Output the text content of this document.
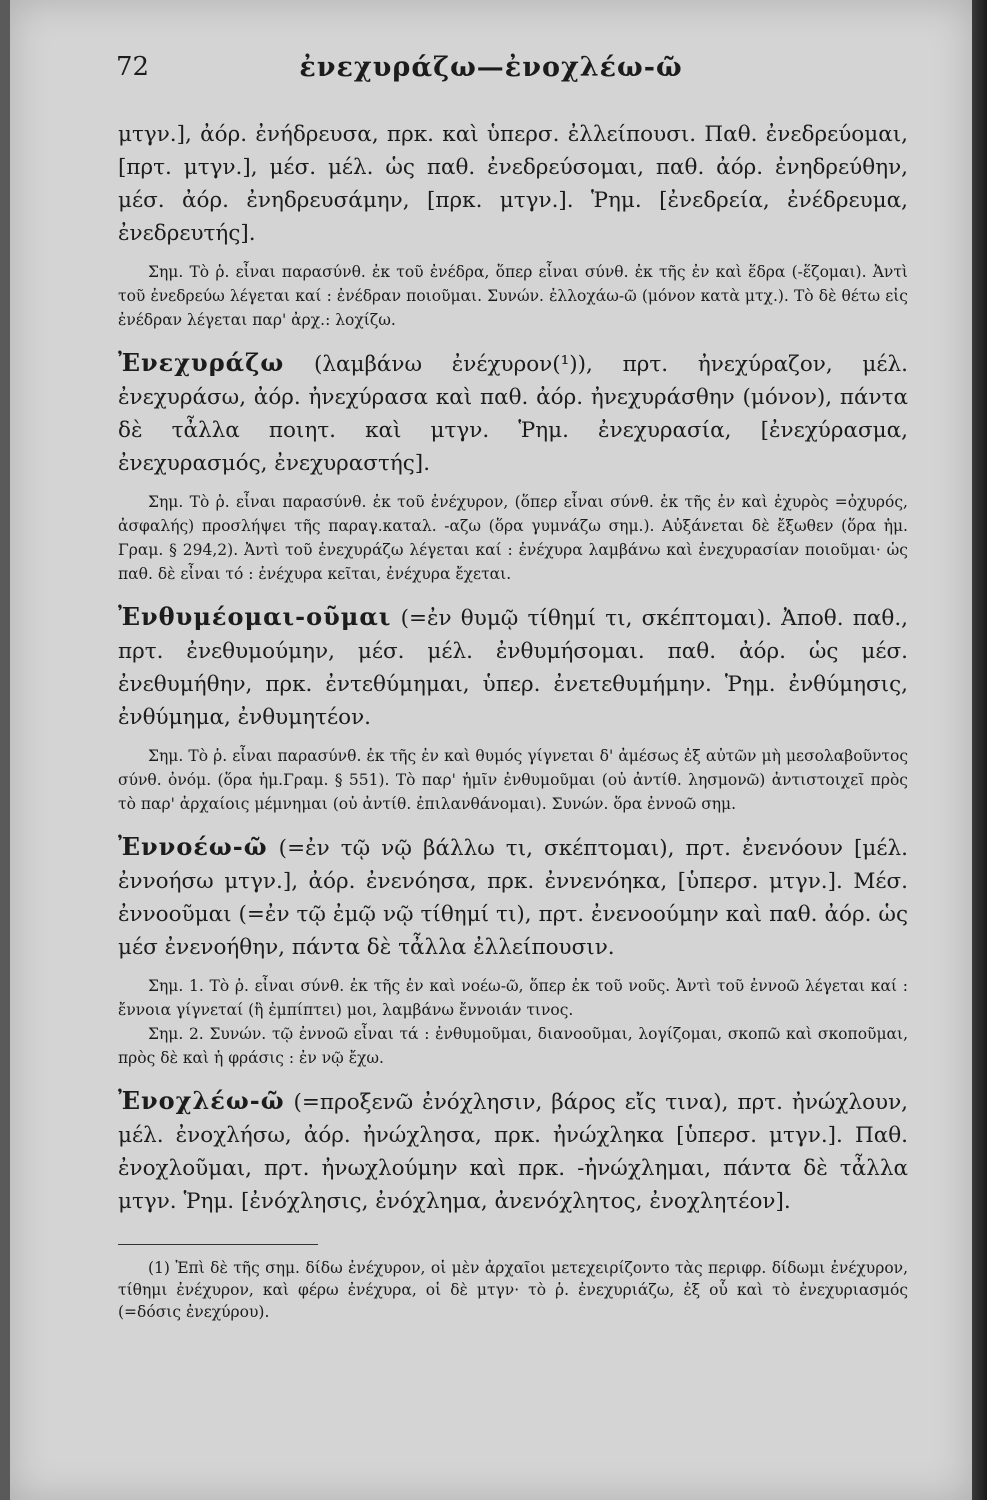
72	ἐνεχυράζω—ἐνοχλέω-ῶ

μτγν.], ἀόρ. ἐνήδρευσα, πρκ. καὶ ὑπερσ. ἐλλείπουσι. Παθ. ἐνεδρεύομαι, [πρτ. μτγν.], μέσ. μέλ. ὡς παθ. ἐνεδρεύσομαι, παθ. ἀόρ. ἐνηδρεύθην, μέσ. ἀόρ. ἐνηδρευσάμην, [πρκ. μτγν.]. Ῥημ. [ἐνεδρεία, ἐνέδρευμα, ἐνεδρευτής].

Σημ. Τὸ ῥ. εἶναι παρασύνθ. ἐκ τοῦ ἐνέδρα, ὅπερ εἶναι σύνθ. ἐκ τῆς ἐν καὶ ἕδρα (-ἕζομαι). Ἀντὶ τοῦ ἐνεδρεύω λέγεται καί : ἐνέδραν ποιοῦμαι. Συνών. ἐλλοχάω-ῶ (μόνον κατὰ μτχ.). Τὸ δὲ θέτω εἰς ἐνέδραν λέγεται παρ' ἀρχ.: λοχίζω.

Ἐνεχυράζω (λαμβάνω ἐνέχυρον(¹)), πρτ. ἠνεχύραζον, μέλ. ἐνεχυράσω, ἀόρ. ἠνεχύρασα καὶ παθ. ἀόρ. ἠνεχυράσθην (μόνον), πάντα δὲ τἆλλα ποιητ. καὶ μτγν. Ῥημ. ἐνεχυρασία, [ἐνεχύρασμα, ἐνεχυρασμός, ἐνεχυραστής].

Σημ. Τὸ ῥ. εἶναι παρασύνθ. ἐκ τοῦ ἐνέχυρον, (ὅπερ εἶναι σύνθ. ἐκ τῆς ἐν καὶ ἐχυρὸς =ὀχυρός, ἀσφαλής) προσλήψει τῆς παραγ.καταλ. -αζω (ὅρα γυμνάζω σημ.). Αὐξάνεται δὲ ἔξωθεν (ὅρα ἡμ. Γραμ. § 294,2). Ἀντὶ τοῦ ἐνεχυράζω λέγεται καί : ἐνέχυρα λαμβάνω καὶ ἐνεχυρασίαν ποιοῦμαι· ὡς παθ. δὲ εἶναι τό : ἐνέχυρα κεῖται, ἐνέχυρα ἔχεται.

Ἐνθυμέομαι-οῦμαι (=ἐν θυμῷ τίθημί τι, σκέπτομαι). Ἀποθ. παθ., πρτ. ἐνεθυμούμην, μέσ. μέλ. ἐνθυμήσομαι. παθ. ἀόρ. ὡς μέσ. ἐνεθυμήθην, πρκ. ἐντεθύμημαι, ὑπερ. ἐνετεθυμήμην. Ῥημ. ἐνθύμησις, ἐνθύμημα, ἐνθυμητέον.

Σημ. Τὸ ῥ. εἶναι παρασύνθ. ἐκ τῆς ἐν καὶ θυμός γίγνεται δ' ἀμέσως ἐξ αὐτῶν μὴ μεσολαβοῦντος σύνθ. ὀνόμ. (ὅρα ἡμ.Γραμ. § 551). Τὸ παρ' ἡμῖν ἐνθυμοῦμαι (οὐ ἀντίθ. λησμονῶ) ἀντιστοιχεῖ πρὸς τὸ παρ' ἀρχαίοις μέμνημαι (οὐ ἀντίθ. ἐπιλανθάνομαι). Συνών. ὅρα ἐννοῶ σημ.

Ἐννοέω-ῶ (=ἐν τῷ νῷ βάλλω τι, σκέπτομαι), πρτ. ἐνενόουν [μέλ. ἐννοήσω μτγν.], ἀόρ. ἐνενόησα, πρκ. ἐννενόηκα, [ὑπερσ. μτγν.]. Μέσ. ἐννοοῦμαι (=ἐν τῷ ἐμῷ νῷ τίθημί τι), πρτ. ἐνενοούμην καὶ παθ. ἀόρ. ὡς μέσ ἐνενοήθην, πάντα δὲ τἆλλα ἐλλείπουσιν.

Σημ. 1. Τὸ ῥ. εἶναι σύνθ. ἐκ τῆς ἐν καὶ νοέω-ῶ, ὅπερ ἐκ τοῦ νοῦς. Ἀντὶ τοῦ ἐννοῶ λέγεται καί : ἔννοια γίγνεταί (ἢ ἐμπίπτει) μοι, λαμβάνω ἔννοιάν τινος.

Σημ. 2. Συνών. τῷ ἐννοῶ εἶναι τά : ἐνθυμοῦμαι, διανοοῦμαι, λογίζομαι, σκοπῶ καὶ σκοποῦμαι, πρὸς δὲ καὶ ἡ φράσις : ἐν νῷ ἔχω.

Ἐνοχλέω-ῶ (=προξενῶ ἐνόχλησιν, βάρος εἴς τινα), πρτ. ἠνώχλουν, μέλ. ἐνοχλήσω, ἀόρ. ἠνώχλησα, πρκ. ἠνώχληκα [ὑπερσ. μτγν.]. Παθ. ἐνοχλοῦμαι, πρτ. ἠνωχλούμην καὶ πρκ. -ἠνώχλημαι, πάντα δὲ τἆλλα μτγν. Ῥημ. [ἐνόχλησις, ἐνόχλημα, ἀνενόχλητος, ἐνοχλητέον].

(1) Ἐπὶ δὲ τῆς σημ. δίδω ἐνέχυρον, οἱ μὲν ἀρχαῖοι μετεχειρίζοντο τὰς περιφρ. δίδωμι ἐνέχυρον, τίθημι ἐνέχυρον, καὶ φέρω ἐνέχυρα, οἱ δὲ μτγν· τὸ ῥ. ἐνεχυριάζω, ἐξ οὗ καὶ τὸ ἐνεχυριασμός (=δόσις ἐνεχύρου).
